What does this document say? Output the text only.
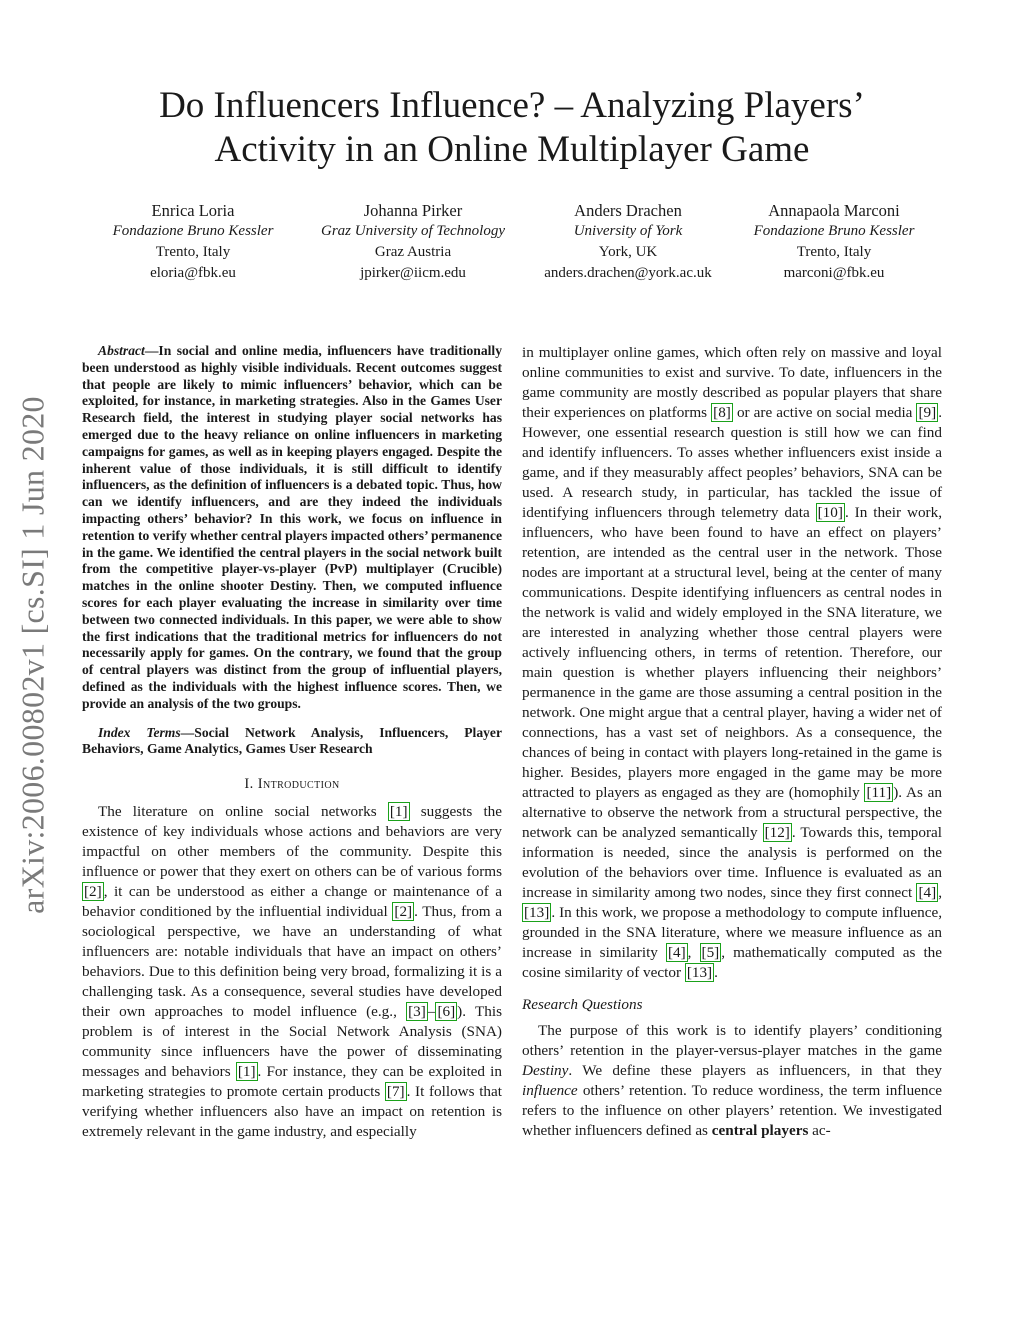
Do Influencers Influence? – Analyzing Players’
Activity in an Online Multiplayer Game
Enrica Loria
Fondazione Bruno Kessler
Trento, Italy
eloria@fbk.eu
Johanna Pirker
Graz University of Technology
Graz Austria
jpirker@iicm.edu
Anders Drachen
University of York
York, UK
anders.drachen@york.ac.uk
Annapaola Marconi
Fondazione Bruno Kessler
Trento, Italy
marconi@fbk.eu
arXiv:2006.00802v1 [cs.SI] 1 Jun 2020

Abstract—In social and online media, influencers have traditionally been understood as highly visible individuals. Recent outcomes suggest that people are likely to mimic influencers’ behavior, which can be exploited, for instance, in marketing strategies. Also in the Games User Research field, the interest in studying player social networks has emerged due to the heavy reliance on online influencers in marketing campaigns for games, as well as in keeping players engaged. Despite the inherent value of those individuals, it is still difficult to identify influencers, as the definition of influencers is a debated topic. Thus, how can we identify influencers, and are they indeed the individuals impacting others’ behavior? In this work, we focus on influence in retention to verify whether central players impacted others’ permanence in the game. We identified the central players in the social network built from the competitive player-vs-player (PvP) multiplayer (Crucible) matches in the online shooter Destiny. Then, we computed influence scores for each player evaluating the increase in similarity over time between two connected individuals. In this paper, we were able to show the first indications that the traditional metrics for influencers do not necessarily apply for games. On the contrary, we found that the group of central players was distinct from the group of influential players, defined as the individuals with the highest influence scores. Then, we provide an analysis of the two groups.

Index Terms—Social Network Analysis, Influencers, Player Behaviors, Game Analytics, Games User Research

I. Introduction

The literature on online social networks [1] suggests the existence of key individuals whose actions and behaviors are very impactful on other members of the community. Despite this influence or power that they exert on others can be of various forms [2] , it can be understood as either a change or maintenance of a behavior conditioned by the influential individual [2] . Thus, from a sociological perspective, we have an understanding of what influencers are: notable individuals that have an impact on others’ behaviors. Due to this definition being very broad, formalizing it is a challenging task. As a consequence, several studies have developed their own approaches to model influence (e.g., [3] – [6] ). This problem is of interest in the Social Network Analysis (SNA) community since influencers have the power of disseminating messages and behaviors [1] . For instance, they can be exploited in marketing strategies to promote certain products [7] . It follows that verifying whether influencers also have an impact on retention is extremely relevant in the game industry, and especially

in multiplayer online games, which often rely on massive and loyal online communities to exist and survive. To date, influencers in the game community are mostly described as popular players that share their experiences on platforms [8] or are active on social media [9] . However, one essential research question is still how we can find and identify influencers. To asses whether influencers exist inside a game, and if they measurably affect peoples’ behaviors, SNA can be used. A research study, in particular, has tackled the issue of identifying influencers through telemetry data [10] . In their work, influencers, who have been found to have an effect on players’ retention, are intended as the central user in the network. Those nodes are important at a structural level, being at the center of many communications. Despite identifying influencers as central nodes in the network is valid and widely employed in the SNA literature, we are interested in analyzing whether those central players were actively influencing others, in terms of retention. Therefore, our main question is whether players influencing their neighbors’ permanence in the game are those assuming a central position in the network. One might argue that a central player, having a wider net of connections, has a vast set of neighbors. As a consequence, the chances of being in contact with players long-retained in the game is higher. Besides, players more engaged in the game may be more attracted to players as engaged as they are (homophily [11] ). As an alternative to observe the network from a structural perspective, the network can be analyzed semantically [12] . Towards this, temporal information is needed, since the analysis is performed on the evolution of the behaviors over time. Influence is evaluated as an increase in similarity among two nodes, since they first connect [4] , [13] . In this work, we propose a methodology to compute influence, grounded in the SNA literature, where we measure influence as an increase in similarity [4] , [5] , mathematically computed as the cosine similarity of vector [13] .

Research Questions

The purpose of this work is to identify players’ conditioning others’ retention in the player-versus-player matches in the game Destiny. We define these players as influencers, in that they influence others’ retention. To reduce wordiness, the term influence refers to the influence on other players’ retention. We investigated whether influencers defined as central players ac-
